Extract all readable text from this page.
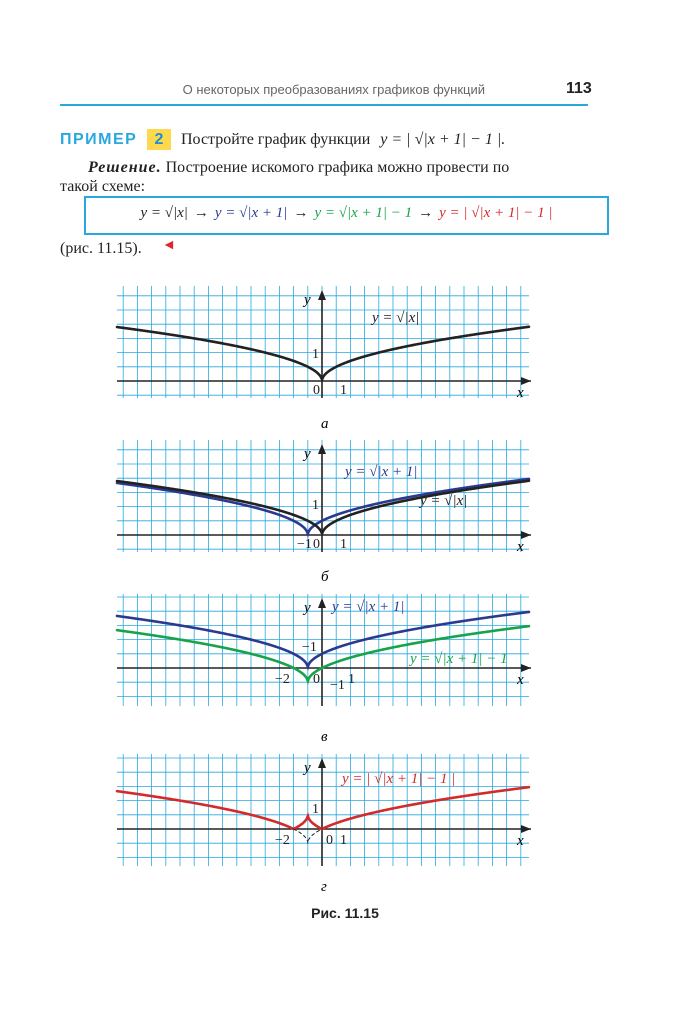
О некоторых преобразованиях графиков функций	113
ПРИМЕР	2	Постройте график функции y = | √|x + 1| − 1 |.
Решение. Построение искомого графика можно провести по
такой схеме:
y = √|x| → y = √|x + 1| → y = √|x + 1| − 1 → y = | √|x + 1| − 1 |
(рис. 11.15). ◄
x
y
y = √|x|
0 1
1
а
x
y
y = √|x + 1|
y = √|x|
−1 0 1
1
б
x
y y = √|x + 1|
y = √|x + 1| − 1
−2 0 1
−1
−1
в
x
y
y = | √|x + 1| − 1 |
−2	0 1
1
г
Рис. 11.15
